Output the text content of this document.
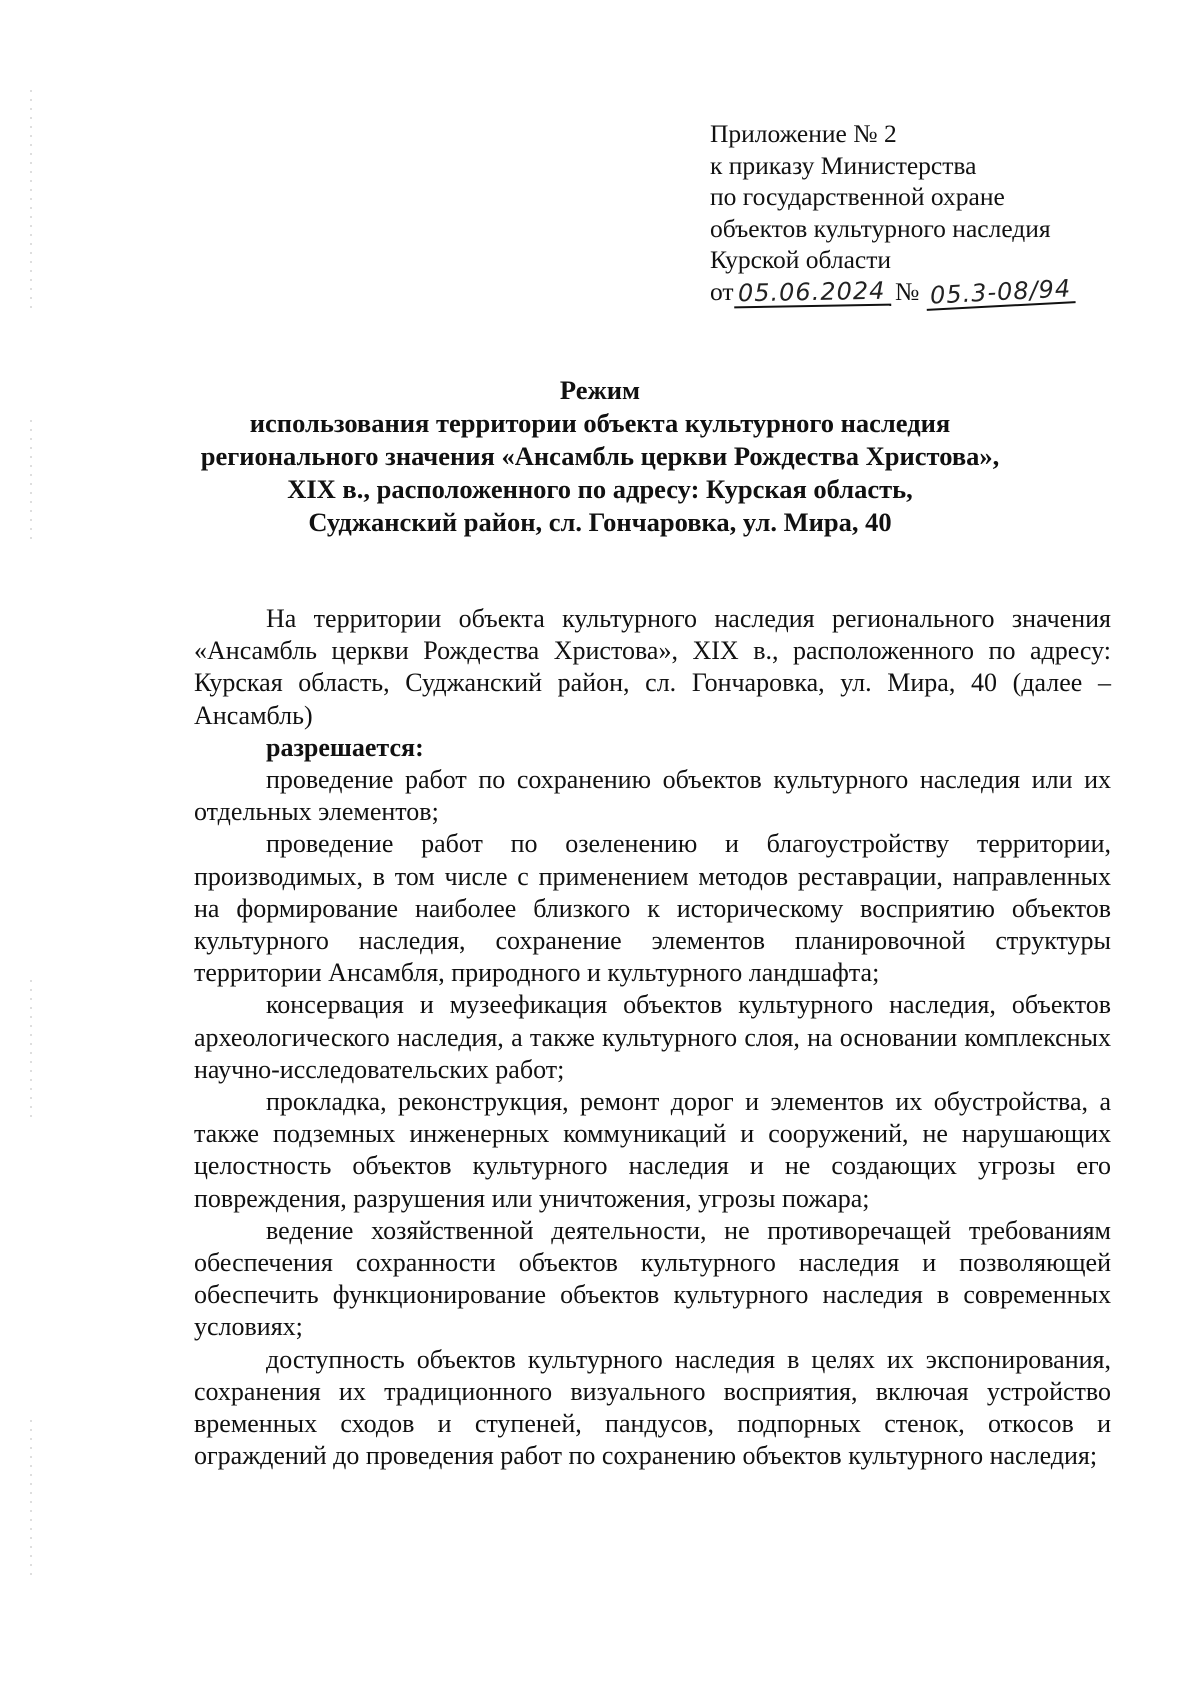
Приложение № 2
к приказу Министерства
по государственной охране
объектов культурного наследия
Курской области
от 05.06.2024 № 05.3-08/94
Режим
использования территории объекта культурного наследия
регионального значения «Ансамбль церкви Рождества Христова»,
XIX в., расположенного по адресу: Курская область,
Суджанский район, сл. Гончаровка, ул. Мира, 40

На территории объекта культурного наследия регионального значения «Ансамбль церкви Рождества Христова», XIX в., расположенного по адресу: Курская область, Суджанский район, сл. Гончаровка, ул. Мира, 40 (далее – Ансамбль)

разрешается:

проведение работ по сохранению объектов культурного наследия или их отдельных элементов;

проведение работ по озеленению и благоустройству территории, производимых, в том числе с применением методов реставрации, направленных на формирование наиболее близкого к историческому восприятию объектов культурного наследия, сохранение элементов планировочной структуры территории Ансамбля, природного и культурного ландшафта;

консервация и музеефикация объектов культурного наследия, объектов археологического наследия, а также культурного слоя, на основании комплексных научно-исследовательских работ;

прокладка, реконструкция, ремонт дорог и элементов их обустройства, а также подземных инженерных коммуникаций и сооружений, не нарушающих целостность объектов культурного наследия и не создающих угрозы его повреждения, разрушения или уничтожения, угрозы пожара;

ведение хозяйственной деятельности, не противоречащей требованиям обеспечения сохранности объектов культурного наследия и позволяющей обеспечить функционирование объектов культурного наследия в современных условиях;

доступность объектов культурного наследия в целях их экспонирования, сохранения их традиционного визуального восприятия, включая устройство временных сходов и ступеней, пандусов, подпорных стенок, откосов и ограждений до проведения работ по сохранению объектов культурного наследия;
